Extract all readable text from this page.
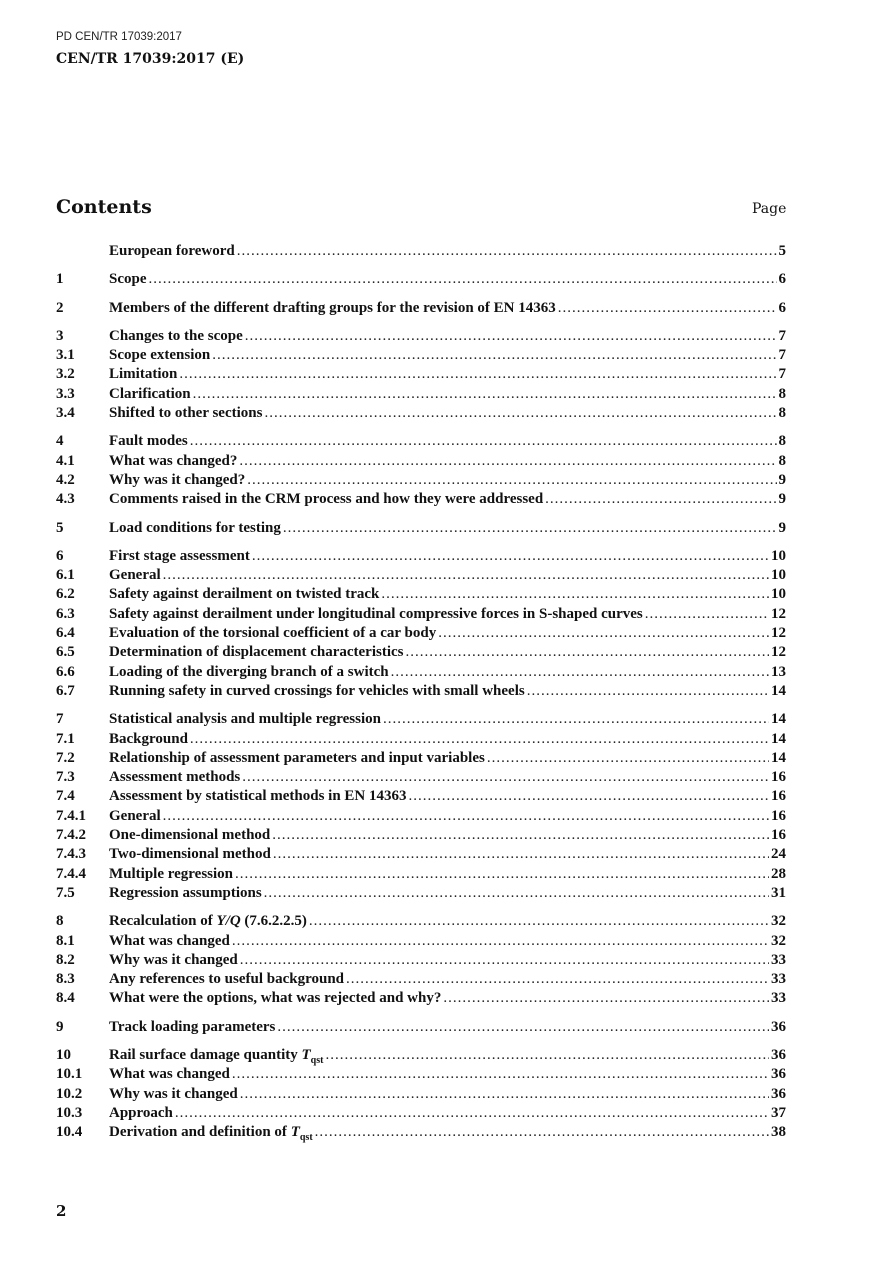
PD CEN/TR 17039:2017
CEN/TR 17039:2017 (E)
Contents	Page
European foreword .....	5
1	Scope .....	6
2	Members of the different drafting groups for the revision of EN 14363 .....	6
3	Changes to the scope .....	7
3.1	Scope extension .....	7
3.2	Limitation .....	7
3.3	Clarification .....	8
3.4	Shifted to other sections .....	8
4	Fault modes .....	8
4.1	What was changed? .....	8
4.2	Why was it changed? .....	9
4.3	Comments raised in the CRM process and how they were addressed .....	9
5	Load conditions for testing .....	9
6	First stage assessment .....	10
6.1	General .....	10
6.2	Safety against derailment on twisted track .....	10
6.3	Safety against derailment under longitudinal compressive forces in S-shaped curves .....	12
6.4	Evaluation of the torsional coefficient of a car body .....	12
6.5	Determination of displacement characteristics .....	12
6.6	Loading of the diverging branch of a switch .....	13
6.7	Running safety in curved crossings for vehicles with small wheels .....	14
7	Statistical analysis and multiple regression .....	14
7.1	Background .....	14
7.2	Relationship of assessment parameters and input variables .....	14
7.3	Assessment methods .....	16
7.4	Assessment by statistical methods in EN 14363 .....	16
7.4.1	General .....	16
7.4.2	One-dimensional method .....	16
7.4.3	Two-dimensional method .....	24
7.4.4	Multiple regression .....	28
7.5	Regression assumptions .....	31
8	Recalculation of Y/Q (7.6.2.2.5) .....	32
8.1	What was changed .....	32
8.2	Why was it changed .....	33
8.3	Any references to useful background .....	33
8.4	What were the options, what was rejected and why? .....	33
9	Track loading parameters .....	36
10	Rail surface damage quantity $T_{qst}$ .....	36
10.1	What was changed .....	36
10.2	Why was it changed .....	36
10.3	Approach .....	37
10.4	Derivation and definition of $T_{qst}$ .....	38
2
